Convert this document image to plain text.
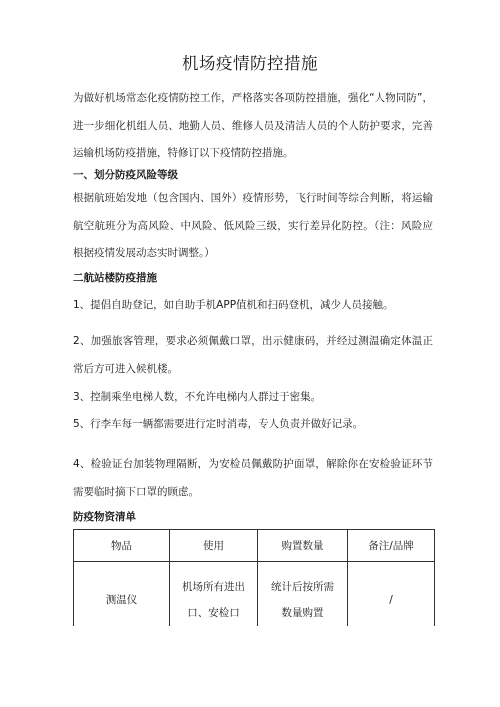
机场疫情防控措施

为做好机场常态化疫情防控工作，严格落实各项防控措施，强化“人物同防”，进一步细化机组人员、地勤人员、维修人员及清洁人员的个人防护要求，完善运输机场防疫措施，特修订以下疫情防控措施。

一、划分防疫风险等级

根据航班始发地（包含国内、国外）疫情形势，飞行时间等综合判断，将运输航空航班分为高风险、中风险、低风险三级，实行差异化防控。（注：风险应根据疫情发展动态实时调整。）

二航站楼防疫措施

1、提倡自助登记，如自助手机APP值机和扫码登机，减少人员接触。

2、加强旅客管理，要求必须佩戴口罩，出示健康码，并经过测温确定体温正常后方可进入候机楼。

3、控制乘坐电梯人数，不允许电梯内人群过于密集。

5、行李车每一辆都需要进行定时消毒，专人负责并做好记录。

4、检验证台加装物理隔断，为安检员佩戴防护面罩，解除你在安检验证环节需要临时摘下口罩的顾虑。

防疫物资清单

物品	使用	购置数量	备注/品牌
测温仪	机场所有进出口、安检口	统计后按所需数量购置	/
